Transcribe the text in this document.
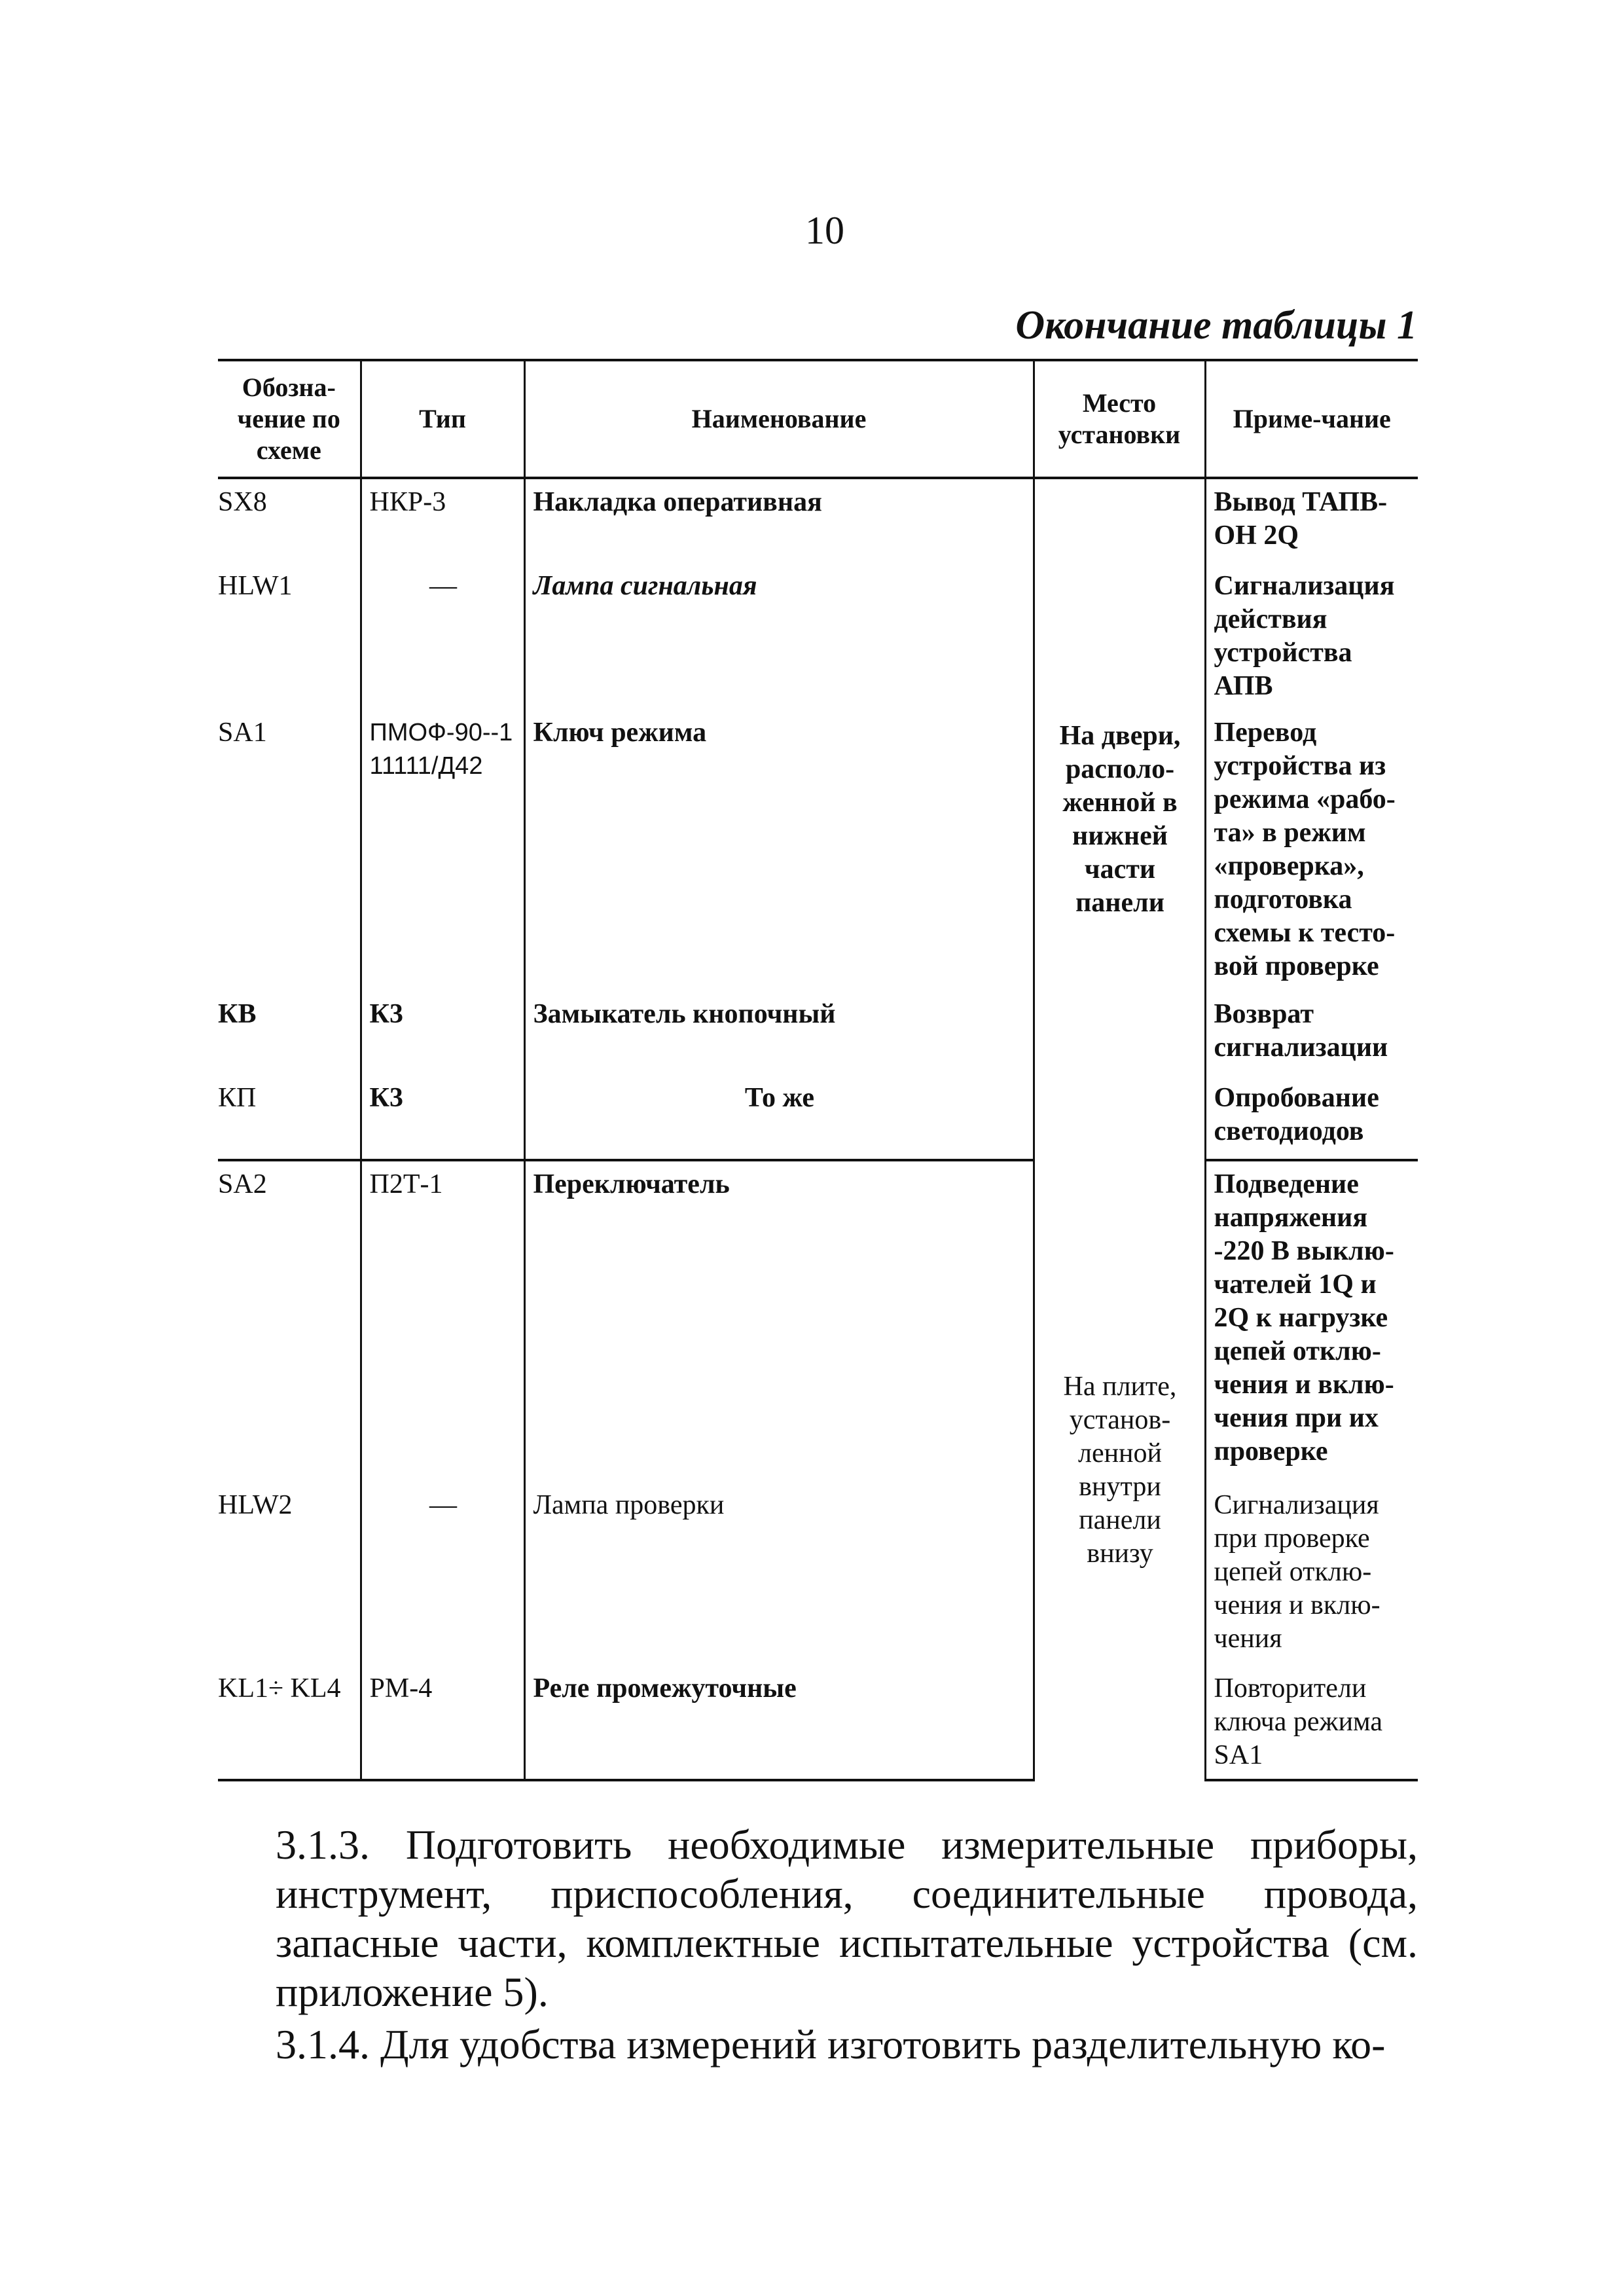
10
Окончание таблицы 1
Обозна-чение по схеме	Тип	Наименование	Место установки	Приме-чание
SX8	НКР-3	Накладка оперативная	На двери, располо-женной в нижней части панели	Вывод ТАПВ-ОН 2Q
HLW1	—	Лампа сигнальная		Сигнализация действия устройства АПВ
SA1	ПМОФ-90--111111/Д42	Ключ режима		Перевод устройства из режима «рабо-та» в режим «проверка», подготовка схемы к тесто-вой проверке
КВ	К3	Замыкатель кнопочный		Возврат сигнализации
КП	К3	То же		Опробование светодиодов
SA2	П2Т-1	Переключатель	На плите, установ-ленной внутри панели внизу	Подведение напряжения -220 В выклю-чателей 1Q и 2Q к нагрузке цепей отклю-чения и вклю-чения при их проверке
HLW2	—	Лампа проверки		Сигнализация при проверке цепей отклю-чения и вклю-чения
KL1÷ KL4	РМ-4	Реле промежуточные		Повторители ключа режима SA1
3.1.3. Подготовить необходимые измерительные приборы, инструмент, приспособления, соединительные провода, запасные части, комплектные испытательные устройства (см. приложение 5).
3.1.4. Для удобства измерений изготовить разделительную ко-
